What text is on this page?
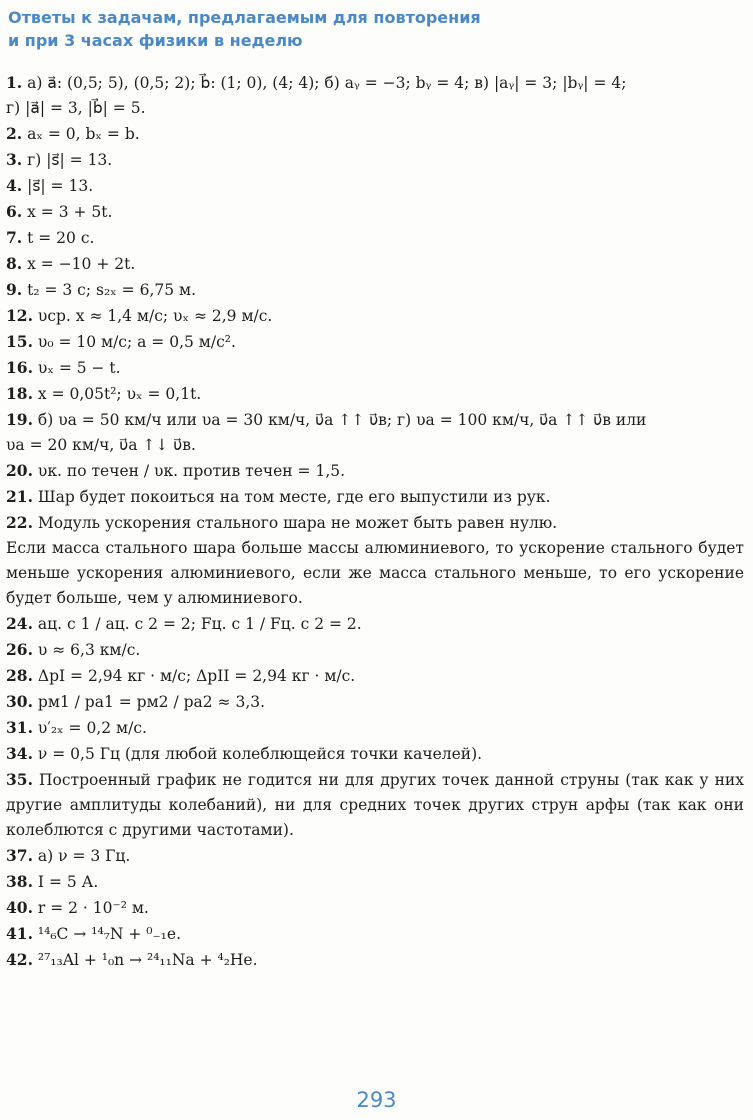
Ответы к задачам, предлагаемым для повторения
и при 3 часах физики в неделю
1. а) a⃗: (0,5; 5), (0,5; 2); b⃗: (1; 0), (4; 4); б) aᵧ = −3; bᵧ = 4; в) |aᵧ| = 3; |bᵧ| = 4;
г) |a⃗| = 3, |b⃗| = 5.
2. aₓ = 0, bₓ = b.
3. г) |s⃗| = 13.
4. |s⃗| = 13.
6. x = 3 + 5t.
7. t = 20 с.
8. x = −10 + 2t.
9. t₂ = 3 с; s₂ₓ = 6,75 м.
12. υср. x ≈ 1,4 м/с; υₓ ≈ 2,9 м/с.
15. υ₀ = 10 м/с; a = 0,5 м/с².
16. υₓ = 5 − t.
18. x = 0,05t²; υₓ = 0,1t.
19. б) υа = 50 км/ч или υа = 30 км/ч, υ⃗а ↑↑ υ⃗в; г) υа = 100 км/ч, υ⃗а ↑↑ υ⃗в или
υа = 20 км/ч, υ⃗а ↑↓ υ⃗в.
20. υк. по течен / υк. против течен = 1,5.
21. Шар будет покоиться на том месте, где его выпустили из рук.
22. Модуль ускорения стального шара не может быть равен нулю.
Если масса стального шара больше массы алюминиевого, то ускорение стального будет меньше ускорения алюминиевого, если же масса стального меньше, то его ускорение будет больше, чем у алюминиевого.
24. aц. с 1 / aц. с 2 = 2; Fц. с 1 / Fц. с 2 = 2.
26. υ ≈ 6,3 км/с.
28. ΔpI = 2,94 кг · м/с; ΔpII = 2,94 кг · м/с.
30. pм1 / pа1 = pм2 / pа2 ≈ 3,3.
31. υ′₂ₓ = 0,2 м/с.
34. ν = 0,5 Гц (для любой колеблющейся точки качелей).
35. Построенный график не годится ни для других точек данной струны (так как у них другие амплитуды колебаний), ни для средних точек других струн арфы (так как они колеблются с другими частотами).
37. а) ν = 3 Гц.
38. I = 5 А.
40. r = 2 · 10⁻² м.
41. ¹⁴₆C → ¹⁴₇N + ⁰₋₁e.
42. ²⁷₁₃Al + ¹₀n → ²⁴₁₁Na + ⁴₂He.
293
